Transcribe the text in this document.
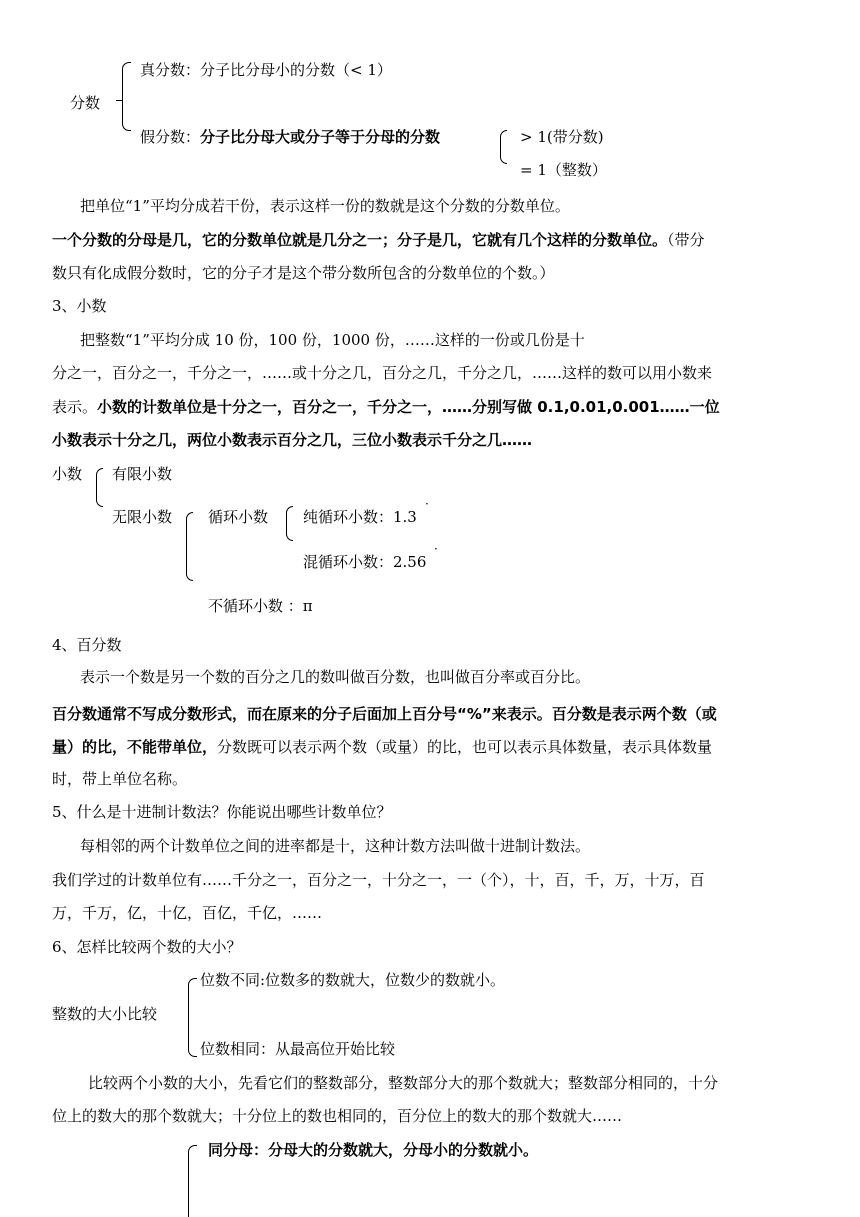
分数
真分数：分子比分母小的分数（< 1）
假分数：分子比分母大或分子等于分母的分数	> 1(带分数)
= 1（整数）
把单位“1”平均分成若干份，表示这样一份的数就是这个分数的分数单位。
一个分数的分母是几，它的分数单位就是几分之一；分子是几，它就有几个这样的分数单位。（带分
数只有化成假分数时，它的分子才是这个带分数所包含的分数单位的个数。）
3、小数
把整数“1”平均分成 10 份，100 份，1000 份，……这样的一份或几份是十
分之一，百分之一，千分之一，……或十分之几，百分之几，千分之几，……这样的数可以用小数来
表示。小数的计数单位是十分之一，百分之一，千分之一，……分别写做 0.1,0.01,0.001……一位
小数表示十分之几，两位小数表示百分之几，三位小数表示千分之几……
小数 有限小数
无限小数 循环小数 纯循环小数：1.3
·
混循环小数：2.56
·
不循环小数 ：π
4、百分数
表示一个数是另一个数的百分之几的数叫做百分数，也叫做百分率或百分比。
百分数通常不写成分数形式，而在原来的分子后面加上百分号“%”来表示。百分数是表示两个数（或
量）的比，不能带单位，分数既可以表示两个数（或量）的比，也可以表示具体数量，表示具体数量
时，带上单位名称。
5、什么是十进制计数法？你能说出哪些计数单位？
每相邻的两个计数单位之间的进率都是十，这种计数方法叫做十进制计数法。
我们学过的计数单位有……千分之一，百分之一，十分之一，一（个），十，百，千，万，十万，百
万，千万，亿，十亿，百亿，千亿，……
6、怎样比较两个数的大小？
整数的大小比较
位数不同:位数多的数就大，位数少的数就小。
位数相同：从最高位开始比较
比较两个小数的大小，先看它们的整数部分，整数部分大的那个数就大；整数部分相同的，十分
位上的数大的那个数就大；十分位上的数也相同的，百分位上的数大的那个数就大……
同分母：分母大的分数就大，分母小的分数就小。
